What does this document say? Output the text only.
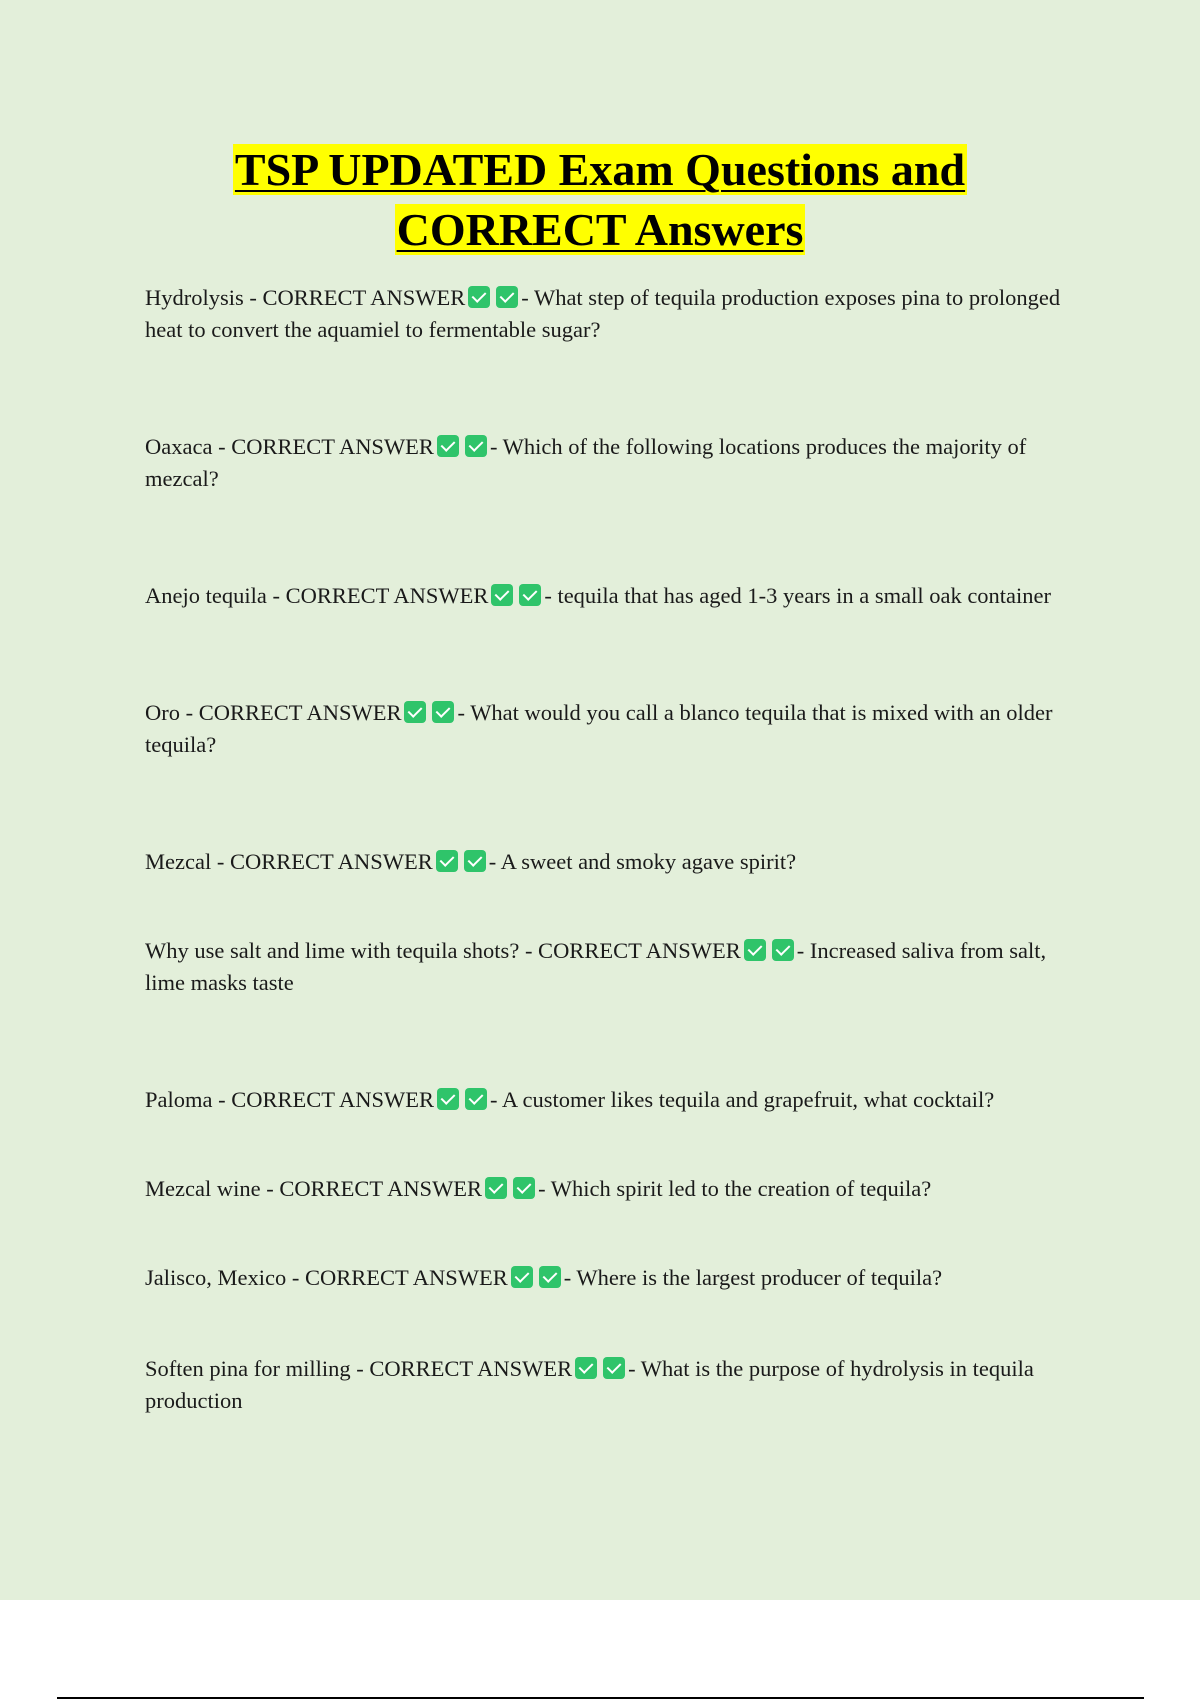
TSP UPDATED Exam Questions and
CORRECT Answers

Hydrolysis - CORRECT ANSWER - What step of tequila production exposes pina to prolonged heat to convert the aquamiel to fermentable sugar?

Oaxaca - CORRECT ANSWER - Which of the following locations produces the majority of mezcal?

Anejo tequila - CORRECT ANSWER - tequila that has aged 1-3 years in a small oak container

Oro - CORRECT ANSWER - What would you call a blanco tequila that is mixed with an older tequila?

Mezcal - CORRECT ANSWER - A sweet and smoky agave spirit?

Why use salt and lime with tequila shots? - CORRECT ANSWER - Increased saliva from salt, lime masks taste

Paloma - CORRECT ANSWER - A customer likes tequila and grapefruit, what cocktail?

Mezcal wine - CORRECT ANSWER - Which spirit led to the creation of tequila?

Jalisco, Mexico - CORRECT ANSWER - Where is the largest producer of tequila?

Soften pina for milling - CORRECT ANSWER - What is the purpose of hydrolysis in tequila production
